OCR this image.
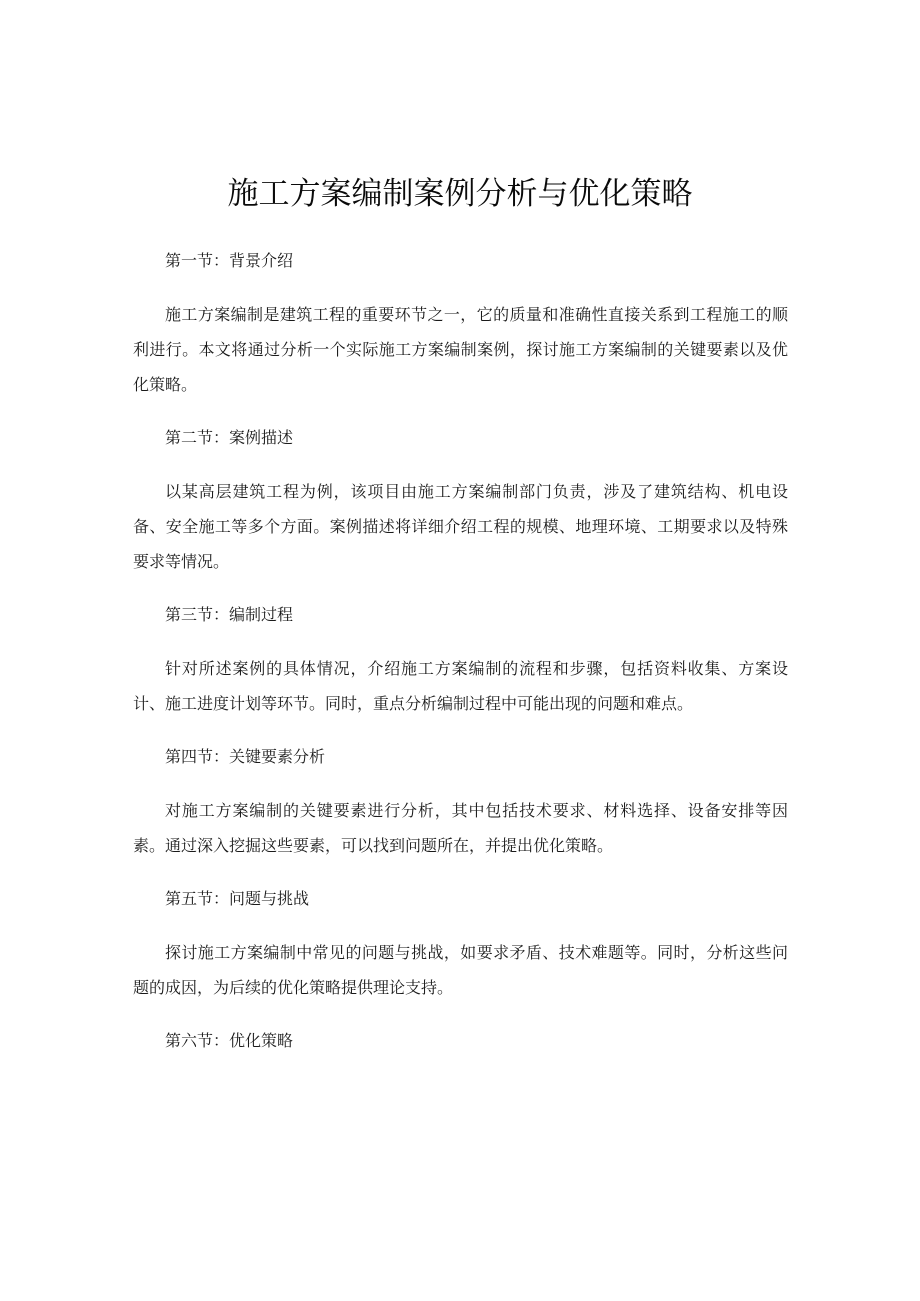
施工方案编制案例分析与优化策略
第一节：背景介绍

施工方案编制是建筑工程的重要环节之一，它的质量和准确性直接关系到工程施工的顺利进行。本文将通过分析一个实际施工方案编制案例，探讨施工方案编制的关键要素以及优化策略。

第二节：案例描述

以某高层建筑工程为例，该项目由施工方案编制部门负责，涉及了建筑结构、机电设备、安全施工等多个方面。案例描述将详细介绍工程的规模、地理环境、工期要求以及特殊要求等情况。

第三节：编制过程

针对所述案例的具体情况，介绍施工方案编制的流程和步骤，包括资料收集、方案设计、施工进度计划等环节。同时，重点分析编制过程中可能出现的问题和难点。

第四节：关键要素分析

对施工方案编制的关键要素进行分析，其中包括技术要求、材料选择、设备安排等因素。通过深入挖掘这些要素，可以找到问题所在，并提出优化策略。

第五节：问题与挑战

探讨施工方案编制中常见的问题与挑战，如要求矛盾、技术难题等。同时，分析这些问题的成因，为后续的优化策略提供理论支持。

第六节：优化策略
